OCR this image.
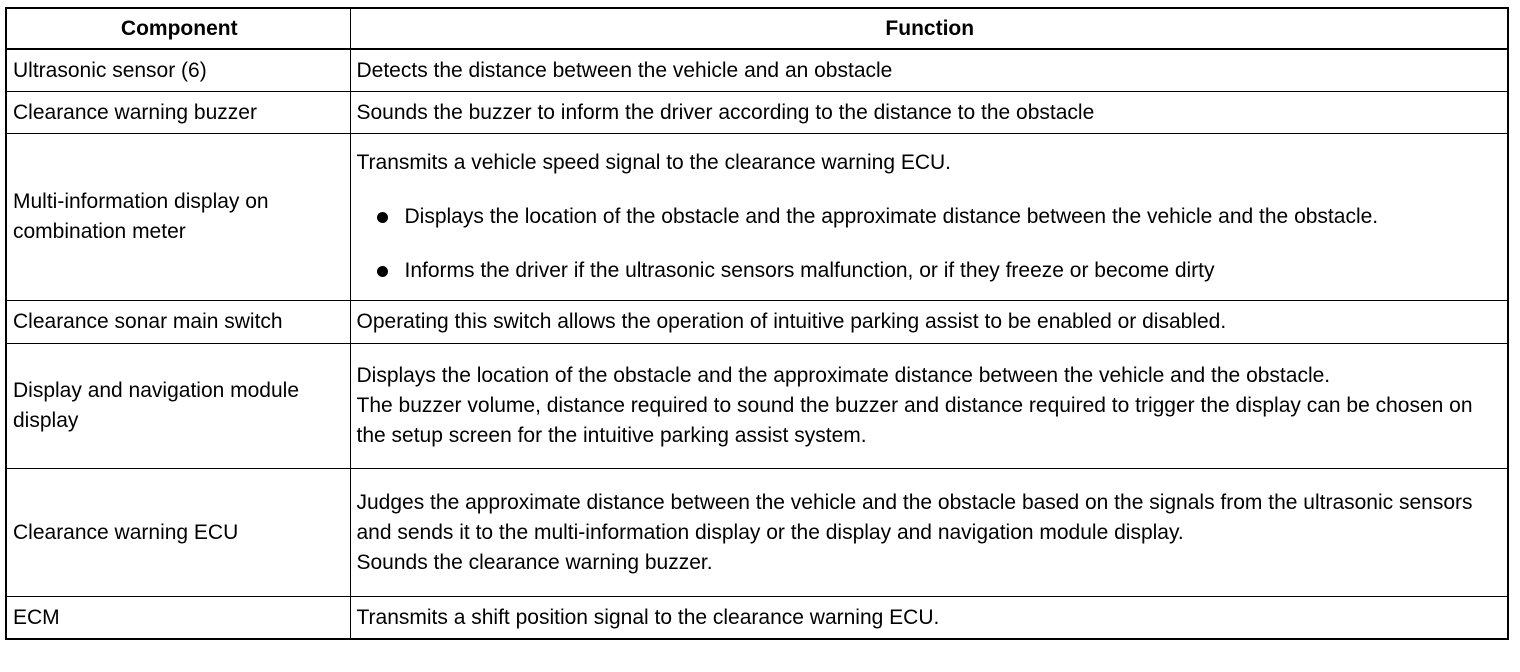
Component	Function
Ultrasonic sensor (6)	Detects the distance between the vehicle and an obstacle
Clearance warning buzzer	Sounds the buzzer to inform the driver according to the distance to the obstacle
Multi-information display on combination meter	Transmits a vehicle speed signal to the clearance warning ECU.
Displays the location of the obstacle and the approximate distance between the vehicle and the obstacle.
Informs the driver if the ultrasonic sensors malfunction, or if they freeze or become dirty

Clearance sonar main switch	Operating this switch allows the operation of intuitive parking assist to be enabled or disabled.
Display and navigation module display	Displays the location of the obstacle and the approximate distance between the vehicle and the obstacle.
The buzzer volume, distance required to sound the buzzer and distance required to trigger the display can be chosen on the setup screen for the intuitive parking assist system.

Clearance warning ECU	Judges the approximate distance between the vehicle and the obstacle based on the signals from the ultrasonic sensors and sends it to the multi-information display or the display and navigation module display.
Sounds the clearance warning buzzer.

ECM	Transmits a shift position signal to the clearance warning ECU.
